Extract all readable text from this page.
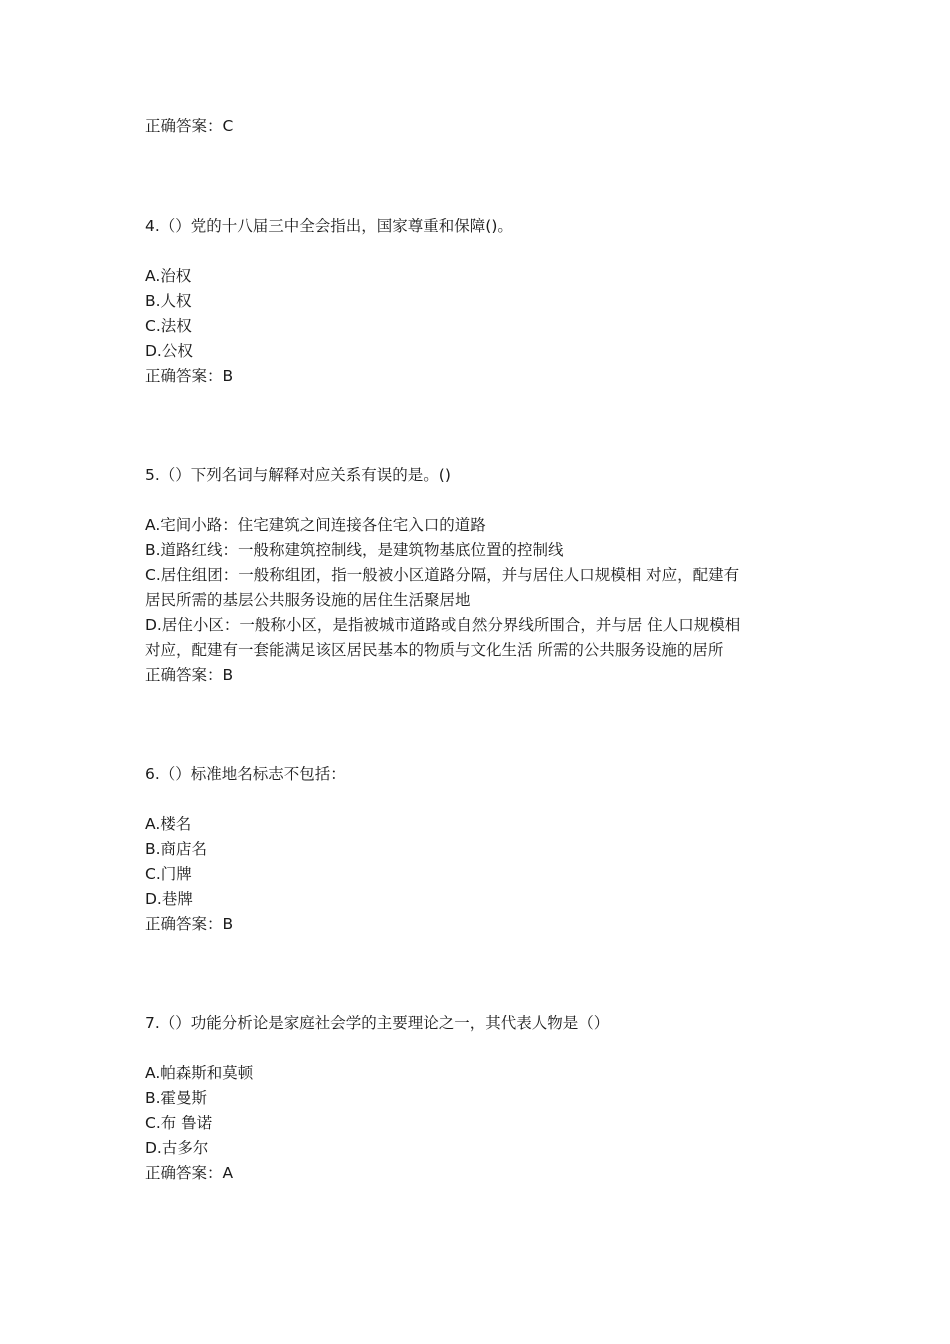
正确答案：C
4.（）党的十八届三中全会指出，国家尊重和保障()。
A.治权
B.人权
C.法权
D.公权
正确答案：B
5.（）下列名词与解释对应关系有误的是。()
A.宅间小路：住宅建筑之间连接各住宅入口的道路
B.道路红线：一般称建筑控制线，是建筑物基底位置的控制线
C.居住组团：一般称组团，指一般被小区道路分隔，并与居住人口规模相 对应，配建有
居民所需的基层公共服务设施的居住生活聚居地
D.居住小区：一般称小区，是指被城市道路或自然分界线所围合，并与居 住人口规模相
对应，配建有一套能满足该区居民基本的物质与文化生活 所需的公共服务设施的居所
正确答案：B
6.（）标准地名标志不包括：
A.楼名
B.商店名
C.门牌
D.巷牌
正确答案：B
7.（）功能分析论是家庭社会学的主要理论之一，其代表人物是（）
A.帕森斯和莫顿
B.霍曼斯
C.布 鲁诺
D.古多尔
正确答案：A
